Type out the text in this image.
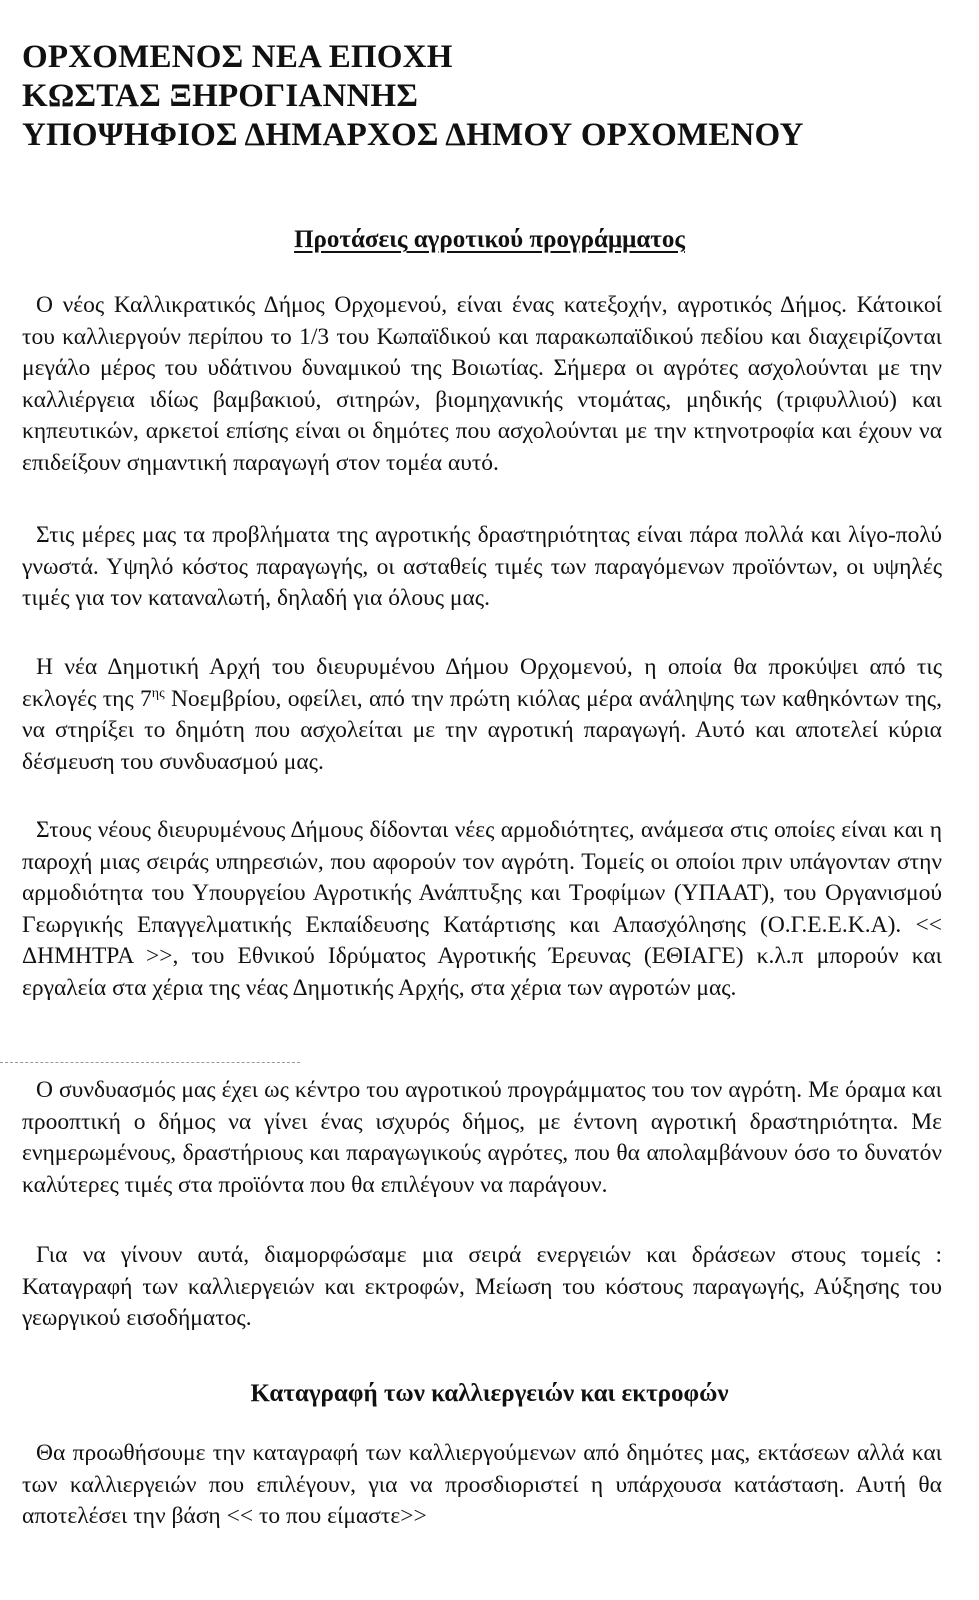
ΟΡΧΟΜΕΝΟΣ ΝΕΑ ΕΠΟΧΗ
ΚΩΣΤΑΣ ΞΗΡΟΓΙΑΝΝΗΣ
ΥΠΟΨΗΦΙΟΣ ΔΗΜΑΡΧΟΣ ΔΗΜΟΥ ΟΡΧΟΜΕΝΟΥ
Προτάσεις αγροτικού προγράμματος

Ο νέος Καλλικρατικός Δήμος Ορχομενού, είναι ένας κατεξοχήν, αγροτικός Δήμος. Κάτοικοί του καλλιεργούν περίπου το 1/3 του Κωπαϊδικού και παρακωπαϊδικού πεδίου και διαχειρίζονται μεγάλο μέρος του υδάτινου δυναμικού της Βοιωτίας. Σήμερα οι αγρότες ασχολούνται με την καλλιέργεια ιδίως βαμβακιού, σιτηρών, βιομηχανικής ντομάτας, μηδικής (τριφυλλιού) και κηπευτικών, αρκετοί επίσης είναι οι δημότες που ασχολούνται με την κτηνοτροφία και έχουν να επιδείξουν σημαντική παραγωγή στον τομέα αυτό.

Στις μέρες μας τα προβλήματα της αγροτικής δραστηριότητας είναι πάρα πολλά και λίγο-πολύ γνωστά. Υψηλό κόστος παραγωγής, οι ασταθείς τιμές των παραγόμενων προϊόντων, οι υψηλές τιμές για τον καταναλωτή, δηλαδή για όλους μας.

Η νέα Δημοτική Αρχή του διευρυμένου Δήμου Ορχομενού, η οποία θα προκύψει από τις εκλογές της $7^{\eta\varsigma}$ Νοεμβρίου, οφείλει, από την πρώτη κιόλας μέρα ανάληψης των καθηκόντων της, να στηρίξει το δημότη που ασχολείται με την αγροτική παραγωγή. Αυτό και αποτελεί κύρια δέσμευση του συνδυασμού μας.

Στους νέους διευρυμένους Δήμους δίδονται νέες αρμοδιότητες, ανάμεσα στις οποίες είναι και η παροχή μιας σειράς υπηρεσιών, που αφορούν τον αγρότη. Τομείς οι οποίοι πριν υπάγονταν στην αρμοδιότητα του Υπουργείου Αγροτικής Ανάπτυξης και Τροφίμων (ΥΠΑΑΤ), του Οργανισμού Γεωργικής Επαγγελματικής Εκπαίδευσης Κατάρτισης και Απασχόλησης (Ο.Γ.Ε.Ε.Κ.Α). << ΔΗΜΗΤΡΑ >>, του Εθνικού Ιδρύματος Αγροτικής Έρευνας (ΕΘΙΑΓΕ) κ.λ.π μπορούν και εργαλεία στα χέρια της νέας Δημοτικής Αρχής, στα χέρια των αγροτών μας.

Ο συνδυασμός μας έχει ως κέντρο του αγροτικού προγράμματος του τον αγρότη. Με όραμα και προοπτική ο δήμος να γίνει ένας ισχυρός δήμος, με έντονη αγροτική δραστηριότητα. Με ενημερωμένους, δραστήριους και παραγωγικούς αγρότες, που θα απολαμβάνουν όσο το δυνατόν καλύτερες τιμές στα προϊόντα που θα επιλέγουν να παράγουν.

Για να γίνουν αυτά, διαμορφώσαμε μια σειρά ενεργειών και δράσεων στους τομείς : Καταγραφή των καλλιεργειών και εκτροφών, Μείωση του κόστους παραγωγής, Αύξησης του γεωργικού εισοδήματος.

Καταγραφή των καλλιεργειών και εκτροφών

Θα προωθήσουμε την καταγραφή των καλλιεργούμενων από δημότες μας, εκτάσεων αλλά και των καλλιεργειών που επιλέγουν, για να προσδιοριστεί η υπάρχουσα κατάσταση. Αυτή θα αποτελέσει την βάση << το που είμαστε>>
